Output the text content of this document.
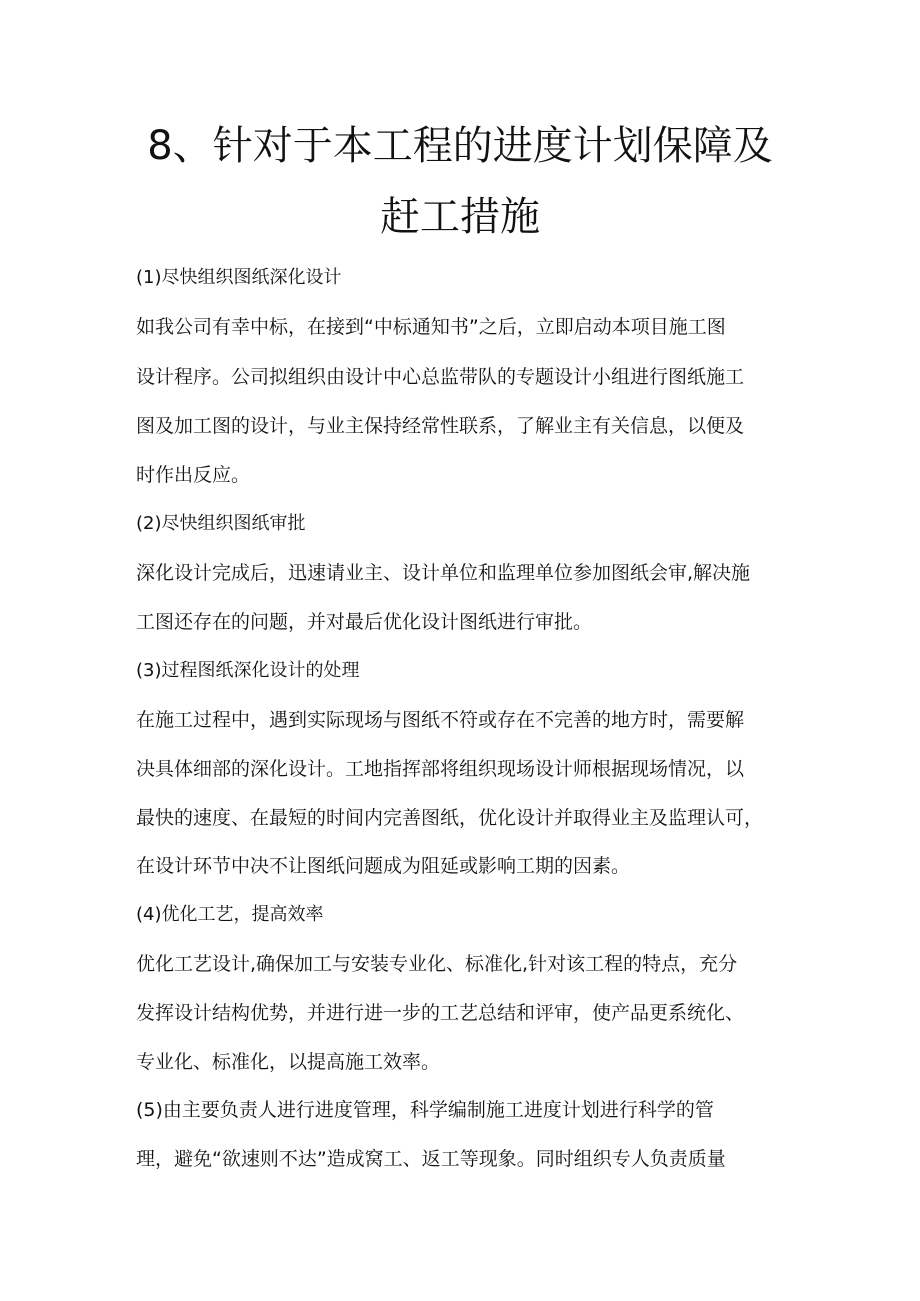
8、针对于本工程的进度计划保障及
赶工措施
(1)尽快组织图纸深化设计
如我公司有幸中标，在接到“中标通知书”之后，立即启动本项目施工图
设计程序。公司拟组织由设计中心总监带队的专题设计小组进行图纸施工
图及加工图的设计，与业主保持经常性联系，了解业主有关信息，以便及
时作出反应。
(2)尽快组织图纸审批
深化设计完成后，迅速请业主、设计单位和监理单位参加图纸会审,解决施
工图还存在的问题，并对最后优化设计图纸进行审批。
(3)过程图纸深化设计的处理
在施工过程中，遇到实际现场与图纸不符或存在不完善的地方时，需要解
决具体细部的深化设计。工地指挥部将组织现场设计师根据现场情况，以
最快的速度、在最短的时间内完善图纸，优化设计并取得业主及监理认可，
在设计环节中决不让图纸问题成为阻延或影响工期的因素。
(4)优化工艺，提高效率
优化工艺设计,确保加工与安装专业化、标准化,针对该工程的特点，充分
发挥设计结构优势，并进行进一步的工艺总结和评审，使产品更系统化、
专业化、标准化，以提高施工效率。
(5)由主要负责人进行进度管理，科学编制施工进度计划进行科学的管
理，避免“欲速则不达”造成窝工、返工等现象。同时组织专人负责质量
